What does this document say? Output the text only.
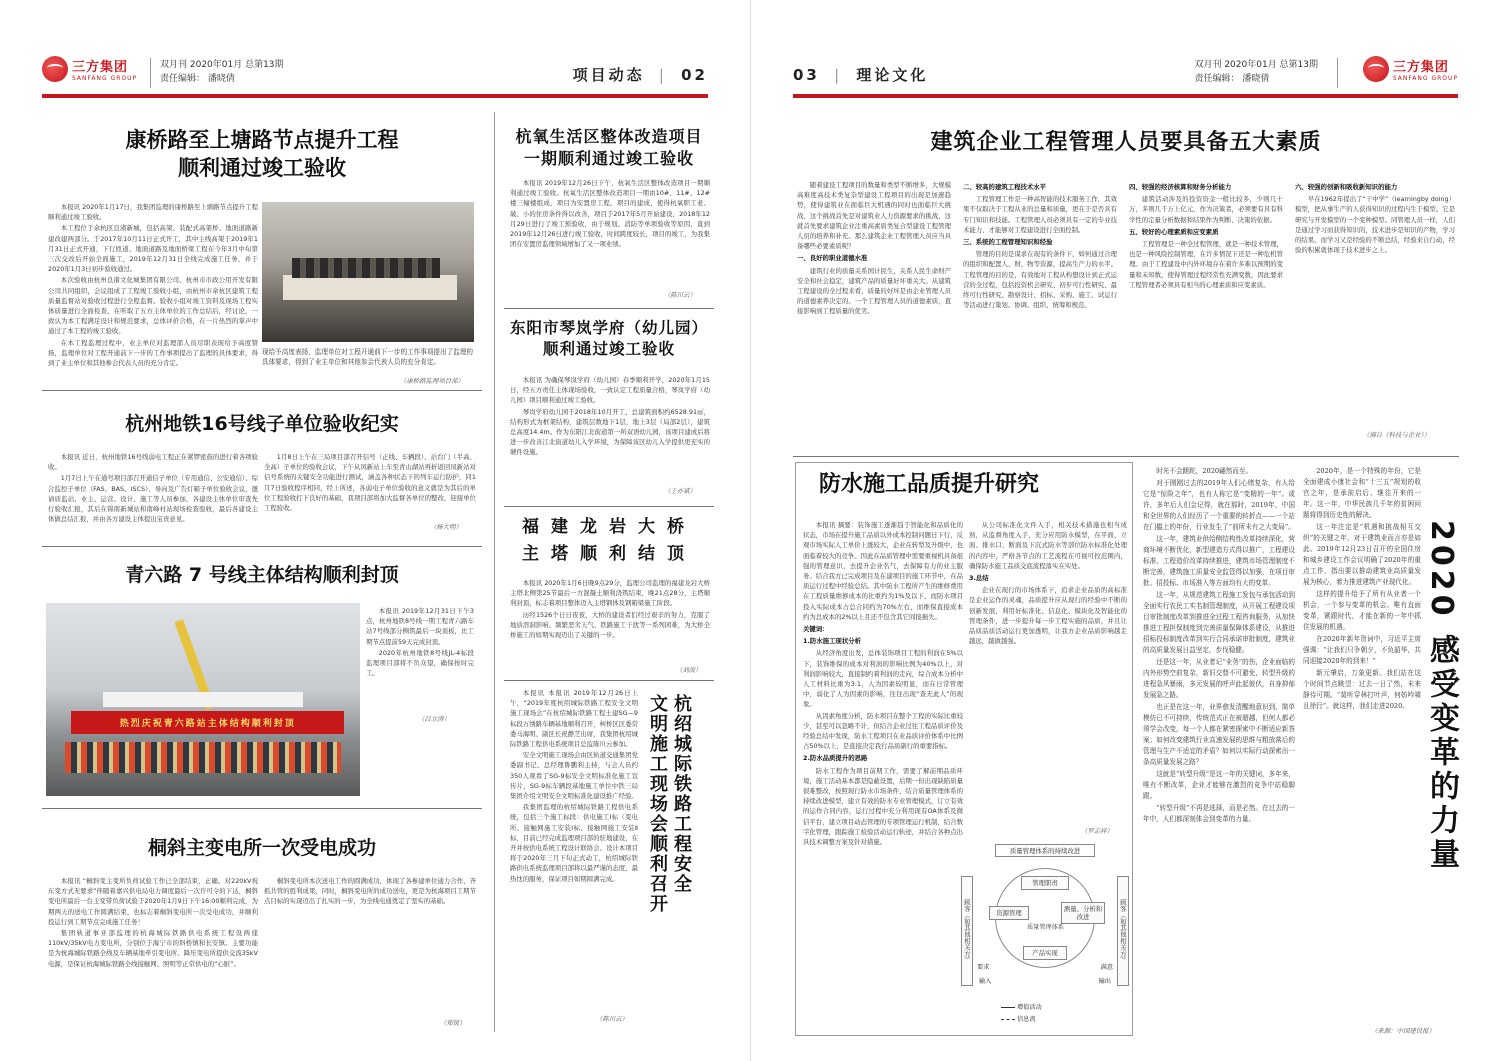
三方集团
SANFANG GROUP
双月刊 2020年01月 总第13期
责任编辑： 潘晓倩	项目动态 | 02
康桥路至上塘路节点提升工程
顺利通过竣工验收

本报讯 2020年1月17日，我集团监理的康桥路至上塘路节点提升工程顺利通过竣工验收。

本工程位于余杭区良渚新城，包括高架、装配式高架桥、地面道路新建改建两部分。于2017年10月11日正式开工，其中主线高架于2019年1月31日正式开通，下行匝道、地面道路及地面桥梁工程在今年3月中旬第三次交改后开始全面施工，2019年12月31日全线完成施工任务，并于2020年1月3日初步验收通过。

本次验收由杭州良渚文化城集团有限公司、杭州市市政公用开发有限公司共同组织，会议组成了工程竣工验收小组，由杭州市余杭区建筑工程质量监督站对验收过程进行全程监督。验收小组对竣工资料及现场工程实体质量进行全面检查，在听取了五方主体单位的工作总结后，经讨论，一致认为本工程满足设计和规范要求，总体评价合格，在一片热烈的掌声中通过了本工程的竣工验收。

在本工程监理过程中，业主单位对监理部人员尽职表现给予高度赞扬，监理单位对工程开通前下一步的工作事项提出了监理的具体要求，得到了业主单位和其他参会代表人员的充分肯定。

现给予高度表扬，监理单位对工程开通前下一步的工作事项提出了监理的具体要求，得到了业主单位和其他参会代表人员的充分肯定。
（康桥路监理项目部）
杭州地铁16号线子单位验收纪实

本报讯 近日，杭州地铁16号线弱电工程正在紧锣密鼓的进行着各项验收。

1月7日上午在通号项目部召开通信子单位（专用通信、公安通信）、综合监控子单位（FAS、BAS、ISCS）、导向及广告灯箱子单位验收会议，邀请质监站、业主、运营、设计、施工等人员参加，各建设主体单位审查先行验收汇报，其后在锦南新城站和南峰村站现场检查验收，最后各建设主体做总结汇报，并由各方建设主体提出宝贵意见。

1月8日上午在三局项目部召开信号（正线、车辆段）、站台门（半高、全高）子单位的验收会议，下午从风新站上车至青山湖站再折返回凤新站对信号系统的关键安全功能进行测试，涵盖各种状态下的列车运行防护，同1月7日验收程序相同，经上所述，各弱电子单位验收的意义就是为其后的单位工程验收打下良好的基础，我项目部将加大监督各单位的整改，迎接单位工程验收。

（杨大明）
青六路 7 号线主体结构顺利封顶
热烈庆祝青六路站主体结构顺利封顶

本报讯 2019年12月31日下午3点，杭州地铁8号线一期工程青六路车站7号线部分侧筑最后一块顶板，比工期节点提前59天完成封顶。

2020年杭州地铁8号线JL-4标段监理项目部将不负众望，确保按时完工。

（吕立涛）
桐斜主变电所一次受电成功

本报讯 “桐斜变主变所负荷试验工作已全部结束，正确。对220kV祝东变方式无要求”伴随着嘉兴供电局电力调度最后一次许可令的下达，桐斜变电所最后一台主变带负荷试验于2020年1月9日下午16:00顺利完成，为期两天的送电工作圆满结束，也标志着桐斜变电所一次受电成功，并顺利投运行到工期节点完成施工任务！

集团轨道事业部监理的杭海城际铁路供电系统工程设两座110kV/35kV电力变电所，分别位于海宁市的斜桥镇和长安镇。主要功能是为杭海城际铁路全线及车辆基地牵引变电所、降压变电所提供交流35kV电源，是保证杭海城际铁路全线接触网、照明等正常供电的“心脏”。

桐斜变电所本次送电工作的圆满成功，体现了各参建单位通力合作、齐抓共管的胜利成果，同时，桐斜变电所的成功送电，更是为杭海项目工期节点目标的实现迈出了扎实的一步，为全线电通奠定了坚实的基础。

（郑锐）
杭氧生活区整体改造项目
一期顺利通过竣工验收

本报讯 2019年12月26日下午，杭氧生活区整体改造项目一期顺利通过竣工验收。杭氧生活区整体改造项目一期由10#、11#、12#楼三幢楼组成，项目为安置房工程，项目的建成，使得杭氧职工老、破、小的住房条件得以改善，项目于2017年5月开始建设，2018年12月29日进行了竣工预验收，由于规划、消防等单项验收等原因，直到2019年12月26日进行竣工验收，时间跨度较长，项目的竣工，为我集团在安置房监理领域增加了又一项业绩。

（陈川云）
东阳市琴岚学府（幼儿园）
顺利通过竣工验收

本报讯 为确保琴岚学府（幼儿园）春季顺利开学，2020年1月15日，经五方责任主体现场验收，一致认定工程质量合格，琴岚学府（幼儿园）项目顺利通过竣工验收。

琴岚学府幼儿园于2018年10月开工，总建筑面积约6528.91㎡，结构形式为框架结构，建筑层数地下1层，地上3层（局部2层），建筑总高度14.4m。作为东阳江北街道第一所双语幼儿园，该项目建成后将进一步改善江北街道幼儿入学环境，为保障该区幼儿入学提供更充实的硬件设施。

（王亦斌）
福建龙岩大桥
主塔顺利结顶

本报讯 2020年1月6日晚9点29分，监理公司监理的福建龙岩大桥主塔北侧第25节最后一方混凝土顺利浇筑结束，晚21点28分，主塔顺利封顶，标志着项目整体迈入主塔钢体及钢箱梁施工阶段。

历经1526个日日夜夜，大桥的建设者们经过艰辛的努力，克服了地质溶洞影响、频繁恶劣天气、铁路施工干扰等一系列困难，为大桥全桥施工的如期实现迈出了关键的一步。

（刘波）

本报讯 本报讯 2019年12月26日上午，“2019年度杭绍城际铁路工程安全文明施工现场会”在杭绍城际铁路工程土建SG—9标段万绣路车辆基地顺利召开，柯桥区区委常委马海明、副区长祝静芝出席，我集团杭绍城际铁路工程供电系统项目总监陈川云参加。

安全文明施工现场会由区轨道交通集团党委副书记、总经理鲁鹏利主持，与会人员约350人观看了SG-9标安全文明标准化施工宣传片，SG-9标车辆段基地施工单位中铁三局集团介绍文明安全文明标准化建设推广经验。

我集团监理的杭绍城际铁路工程供电系统，包括三个施工标段：供电施工Ⅰ标（变电所、接触网施工安装Ⅰ标、接触网施工安装Ⅱ标，目前已经完成监理项目部的驻地建设，在开并按供电系统工程设计联络会、设计本项目将于2020年三月下旬正式动工，杭绍城际铁路供电系统监理项目部将以最严谨的态度，最热忱的服务，保证项目如期圆满完成。	杭绍城际铁路工程安全
文明施工现场会顺利召开
（陈川云）
03 | 理论文化
双月刊 2020年01月 总第13期
责任编辑： 潘晓倩
三方集团
SANFANG GROUP
建筑企业工程管理人员要具备五大素质

随着建设工程项目的数量和类型不断增多，大规模高难度高技术类复杂型建设工程项目的出现是加速趋势，使得建筑业在面临巨大机遇的同时也面临巨大挑战，这个挑战首先是对建筑业人力资源要求的挑战，这就首先要求建筑企业注重高素质类复合型建设工程管理人员的培养和补充。那么建筑企业工程管理人员应当具备哪些必要素质呢？

一、良好的职业道德水准

建筑行业的质量关系国计民生，关系人民生命财产安全和社会稳定，建筑产品的质量好坏重关大。从建筑工程建设的全过程来看，质量的好坏是由企业管理人员的道德素养决定的。一个工程管理人员的道德素质，直接影响到工程质量的优劣。

二、较高的建筑工程技术水平

工程管理工作是一种高智能的技术服务工作，其效果不仅取决于工程从业的总量和质量，更在于是否具有专门知识和技能。工程管理人员必须具有一定的专业技术能力，才能够对工程建设进行全面控制。

三、系统的工程管理知识和经验

管理的目的是谋求在现有的条件下，如何通过合理的组织和配置人、财、物等资源，提高生产力的水平。工程管理的目的是，有效地对工程从构想设计到正式运营的全过程，包括投资机会研究、初步可行性研究、最终可行性研究、勘察设计、招标、采购、施工、试运行等活动进行策划、协调、组织、统筹和规范。

四、较强的经济核算和财务分析能力

建筑活动涉及的投资资金一般比较多，少则几十万，多则几千万上亿元，作为决策者，必须要有具有科学性的定量分析数据和结果作为判断、决策的依据。

五、较好的心理素质和应变素质

工程管理是一种全过程管理，就是一种技术管理，也是一种风险控制管理，在许多情况下还是一种危机管理。由于工程建设中内外环境存在着许多难以预期的变量和未知数，使得管理过程经常性充满变数，因此要求工程管理者必须具有相当的心理素质和应变素质。

六、较强的创新和吸收新知识的能力

早在1962年提出了“干中学”（learningby doing）模型，把从事生产的人获得知识的过程内生于模型。它是研究与开发模型的一个变种模型。同管理人员一样，人们是通过学习而获得知识的，技术进步是知识的产物，学习的结果。而学习又是经验的不断总结，经验来自行动，经验的积累就体现于技术进步之上。

（摘自《科技与企业》）
防水施工品质提升研究

本报讯 摘要：装饰施工逐渐趋于智能化和品质化的状态，市场在提升施工品质以外成本控制问题日下行，反观市场实际人工单价上涨较大，企业在转型及升级中，也面临着较大的竞争。因此在品质管理中需要重视机具备很强的管理意识，去提升企业名气，去保障有力的业主服务。结合我方已完成项目及在建项目的施工环节中，在品质运行过程中经验总结。其中防水工程所产生的维修费用在工程质量维修成本的比重约为1%及以下，而防水项目投入实际成本占总合同约为70%左右，而维保直接成本约为总成本的2%以上且还不包含其它间接损失。

关键词：

1.防水施工现状分析

从经济角度出发，总体装饰项目工程的利润在5%以下，装饰维保的成本对利润的影响比例为40%以上，对利润影响较大，直接制约着利润的走向，综合成本分析中人工材料比重为3:1，人为因素较明显，而在日常管理中，弱化了人为因素的影响，往往出现“查无此人”的现象。

从因素角度分析，防水项目在整个工程的实际比重较少，甚至可以忽略不计，但结合企业过往工程品质评价及经验总结中发现，防水工程项目在业品质评价体系中比例占50%以上，是直接决定我行品质副行的重要指标。

2.防水品质提升的思路

防水工程作为项目前期工作，需要了解前期品质环境，施工活动基本都是隐蔽设置，后期一但出现缺陷质量很难整改，按照现行防水市场条件，结合质量管理体系的持续改进模型，建立有效的防水专业管理模式，订立有效的运作合同内容，运行过程中充分利用现有OA体系及微信平台，建立项目动态管理的专项管理运行机制，结合数字化管理，跟踪施工检验活动运行轨迹，并结合各种点出具技术调整方案及针对措施。

从公司标准化文件入手，相关技术措施也相当成熟，从监督角度入手，充分应用防水模型，在平面、立面、排水口、断面及下沉式防水等部位防水标准化处理的内容中，严格各节点的工艺流程在可视可控范围内，确保防水施工品质交底流程落实在实处。

3.总结

企业在现行的市场体系下，追求企业品质的高标准是企业运作的灵魂，品质提升应从现行的经验中不断的创新发展，利用好标准化、信息化、模块化及智能化的管理条件，进一步提升每一步工程实施的品质，并且让品质品质活动运行更加透明，让我方企业品质影响越走越远，越做越强。

（罗志祥）
质量管理体系的持续改进
顾客（和其他相关方）	顾客（和其他相关方）
管理职责
资源管理	测量、分析和改进
产品实现
质量管理体系
要求	满意
输入	输出
增值活动
信息流

时光不会蹉跎，2020翩然而至。

对于刚刚过去的2019年人们心绪复杂，有人给它是“惊险之年”，也有人称它是“变精的一年”。或许，多年后人们会记得，就在那时，2019年，中国和全世界的人们经历了一个重要的转折点——一个站在门槛上的年份，行业发生了“前所未有之大变局”。

这一年，建筑业供给侧结构性改革持续深化，营商环境不断优化，新型建造方式得以推广，工程建设标准、工程造价改革持续推进，建筑市场管理制度不断完善，建筑施工质量安全监管得以加强，在项目审批、招投标、市场准入等方面均有大的变革。

这一年，从规范建筑工程施工发包与承包活动到全面实行农民工实名制管理制度，从开展工程建设项目审批制度改革到推进全过程工程咨询服务，从加快推进工程担保制度到完善质量保障体系建设，从推进招标投标制度改革到实行合同承诺审批制度，建筑业的高质量发展日益坚定，步伐稳健。

还是这一年，从业者记“业务”的伤，企业面临的内外形势空前复杂，新旧交替不可避免，转型升级的进程急风暴雨，多元发展的呼声此起彼伏，自身抑郁发展急之路。

也正是在这一年，业界愈发清醒地意识到，简单模仿已不可持续，传统范式正在被超越，但何人都必须学会改变，每一个人都在紧密探索中不断适应新答案；如何改变建筑行业高速发展的思维与粗放落后的管理与生产不适宜的矛盾？如何以实际行动探索出一条高质量发展之路？

这就是“转型升级”是这一年的关键词，多年来，唯有不断改革，企业才能够在激烈的竞争中站稳脚跟。

“转型升级”不再是选择，而是必然。在过去的一年中，人们都深刻体会到变革的力量。

2020年，是一个特殊的年份，它是全面建成小康社会和“十三五”规划的收官之年，是承前启后、继往开来的一年。这一年，中华民族几千年的贫困问题将得到历史性的解决。

这一年注定是“机遇和挑战相互交织”的关键之年，对于建筑业而言亦是如此。2019年12月23日召开的全国住房和城乡建设工作会议明确了2020年的重点工作，指出要以推动建筑业高质量发展为核心，着力推进建筑产业现代化。

这样的提升给予了所有从业者一个机会，一个参与变革的机会。唯有直面变革，紧跟时代，才能在新的一年中抓住发展的机遇。

在2020年新年贺词中，习近平主席强调：“让我们只争朝夕，不负韶华，共同迎接2020年的到来！”

新元肇启，万象更新。我们站在这个时间节点眺望：过去一日了然，未来静待可期。“莫听穿林打叶声，何妨吟啸且徐行”。就这样，我们走进2020。

（来源：中国建设报）
2020 感受变革的力量
